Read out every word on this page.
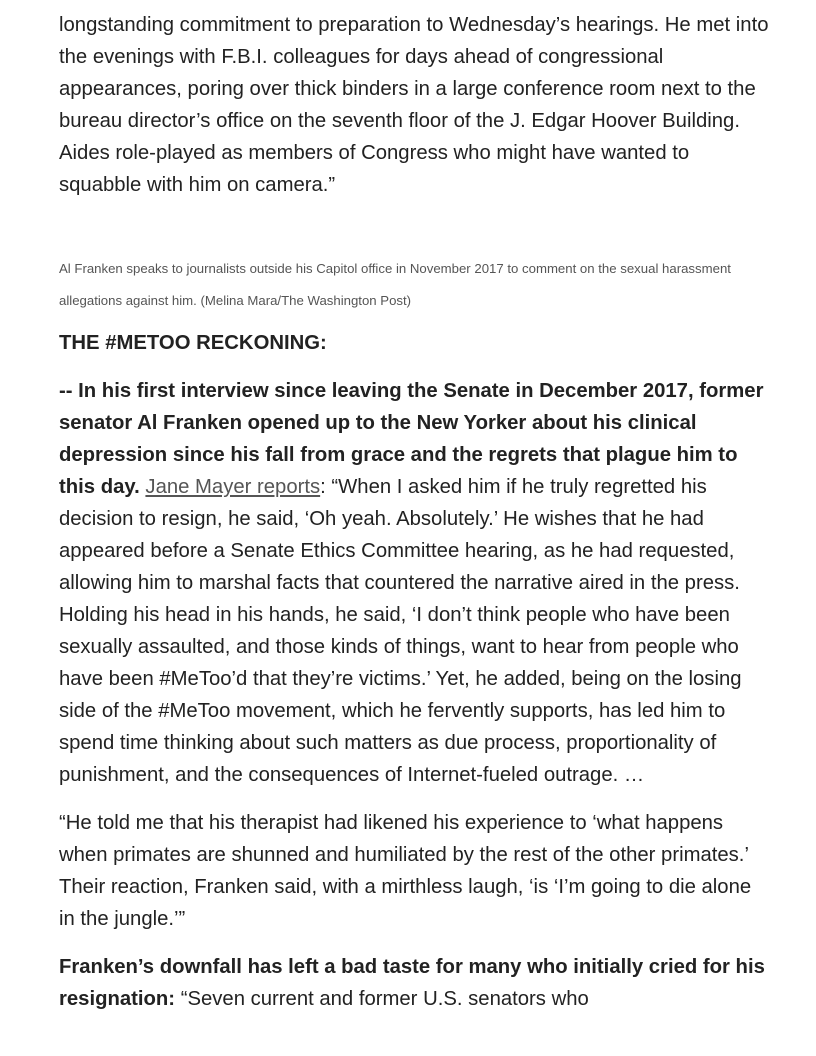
longstanding commitment to preparation to Wednesday’s hearings. He met into the evenings with F.B.I. colleagues for days ahead of congressional appearances, poring over thick binders in a large conference room next to the bureau director’s office on the seventh floor of the J. Edgar Hoover Building. Aides role-played as members of Congress who might have wanted to squabble with him on camera.”

Al Franken speaks to journalists outside his Capitol office in November 2017 to comment on the sexual harassment allegations against him. (Melina Mara/The Washington Post)

THE #METOO RECKONING:

-- In his first interview since leaving the Senate in December 2017, former senator Al Franken opened up to the New Yorker about his clinical depression since his fall from grace and the regrets that plague him to this day. Jane Mayer reports: “When I asked him if he truly regretted his decision to resign, he said, ‘Oh yeah. Absolutely.’ He wishes that he had appeared before a Senate Ethics Committee hearing, as he had requested, allowing him to marshal facts that countered the narrative aired in the press. Holding his head in his hands, he said, ‘I don’t think people who have been sexually assaulted, and those kinds of things, want to hear from people who have been #MeToo’d that they’re victims.’ Yet, he added, being on the losing side of the #MeToo movement, which he fervently supports, has led him to spend time thinking about such matters as due process, proportionality of punishment, and the consequences of Internet-fueled outrage. …

“He told me that his therapist had likened his experience to ‘what happens when primates are shunned and humiliated by the rest of the other primates.’ Their reaction, Franken said, with a mirthless laugh, ‘is ‘I’m going to die alone in the jungle.’”

Franken’s downfall has left a bad taste for many who initially cried for his resignation: “Seven current and former U.S. senators who
